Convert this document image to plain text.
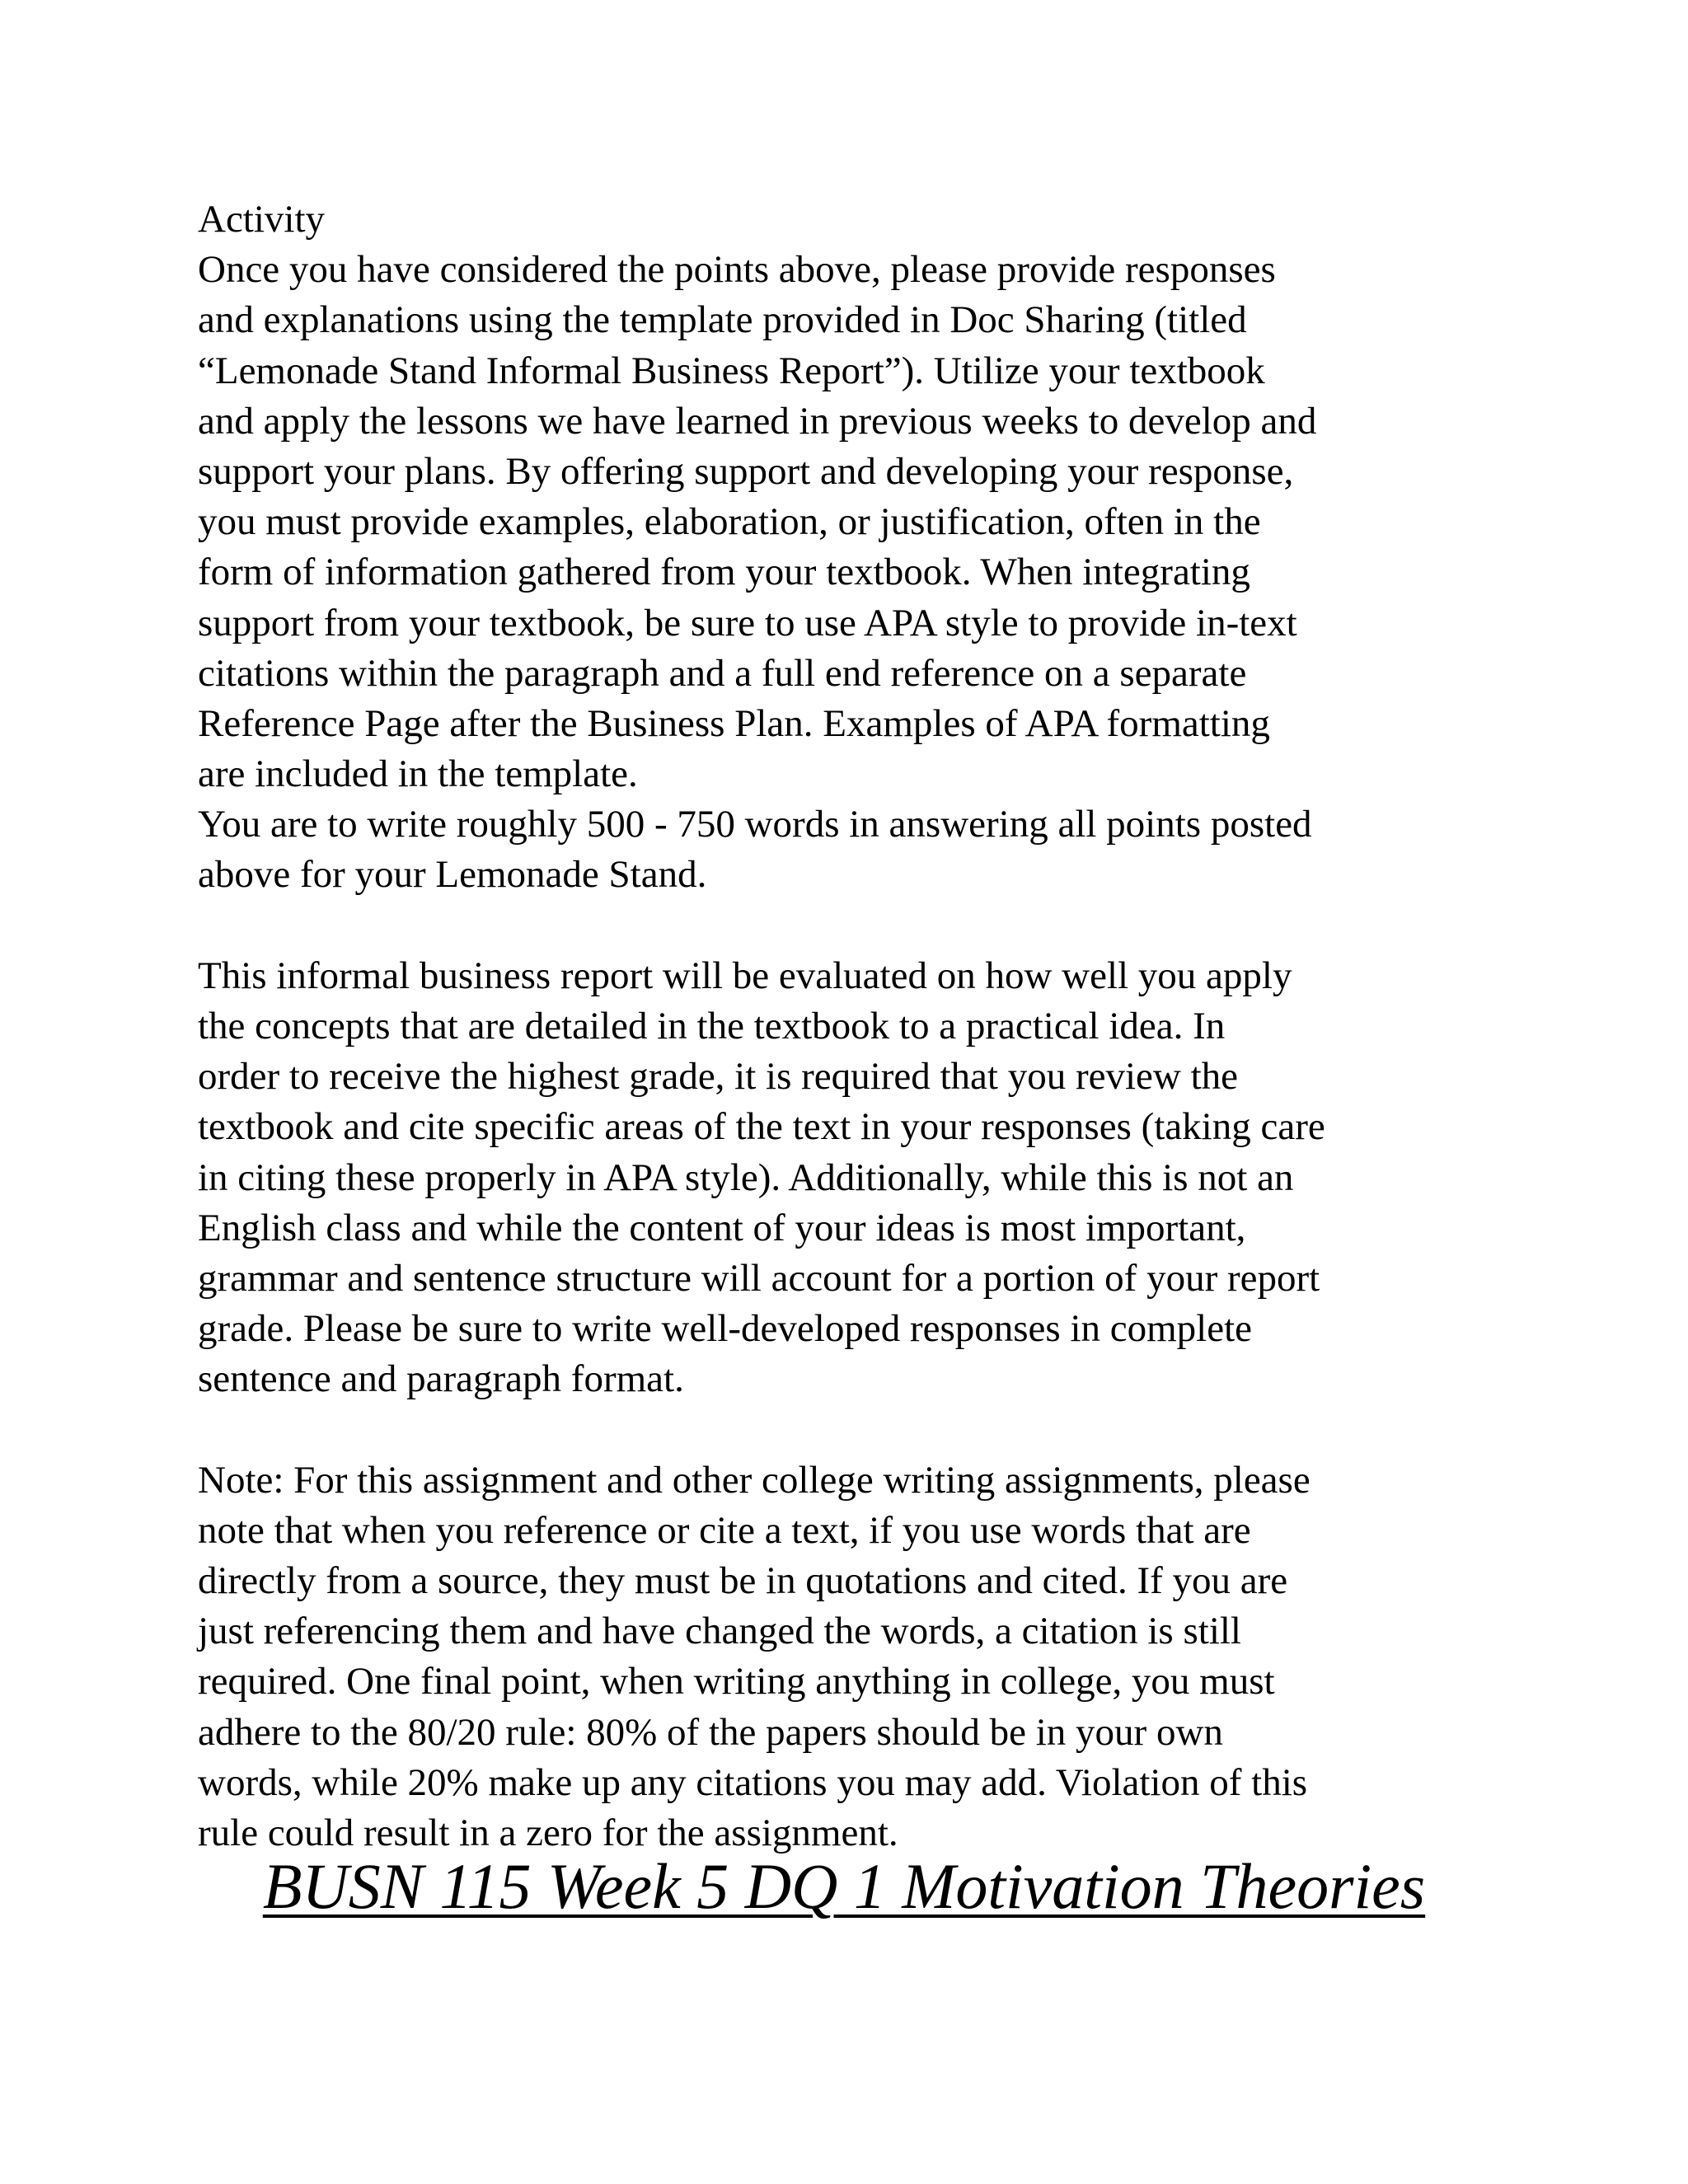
Activity
Once you have considered the points above, please provide responses
and explanations using the template provided in Doc Sharing (titled
“Lemonade Stand Informal Business Report”). Utilize your textbook
and apply the lessons we have learned in previous weeks to develop and
support your plans. By offering support and developing your response,
you must provide examples, elaboration, or justification, often in the
form of information gathered from your textbook. When integrating
support from your textbook, be sure to use APA style to provide in-text
citations within the paragraph and a full end reference on a separate
Reference Page after the Business Plan. Examples of APA formatting
are included in the template.
You are to write roughly 500 - 750 words in answering all points posted
above for your Lemonade Stand.
This informal business report will be evaluated on how well you apply
the concepts that are detailed in the textbook to a practical idea. In
order to receive the highest grade, it is required that you review the
textbook and cite specific areas of the text in your responses (taking care
in citing these properly in APA style). Additionally, while this is not an
English class and while the content of your ideas is most important,
grammar and sentence structure will account for a portion of your report
grade. Please be sure to write well-developed responses in complete
sentence and paragraph format.
Note: For this assignment and other college writing assignments, please
note that when you reference or cite a text, if you use words that are
directly from a source, they must be in quotations and cited. If you are
just referencing them and have changed the words, a citation is still
required. One final point, when writing anything in college, you must
adhere to the 80/20 rule: 80% of the papers should be in your own
words, while 20% make up any citations you may add. Violation of this
rule could result in a zero for the assignment.
BUSN 115 Week 5 DQ 1 Motivation Theories
